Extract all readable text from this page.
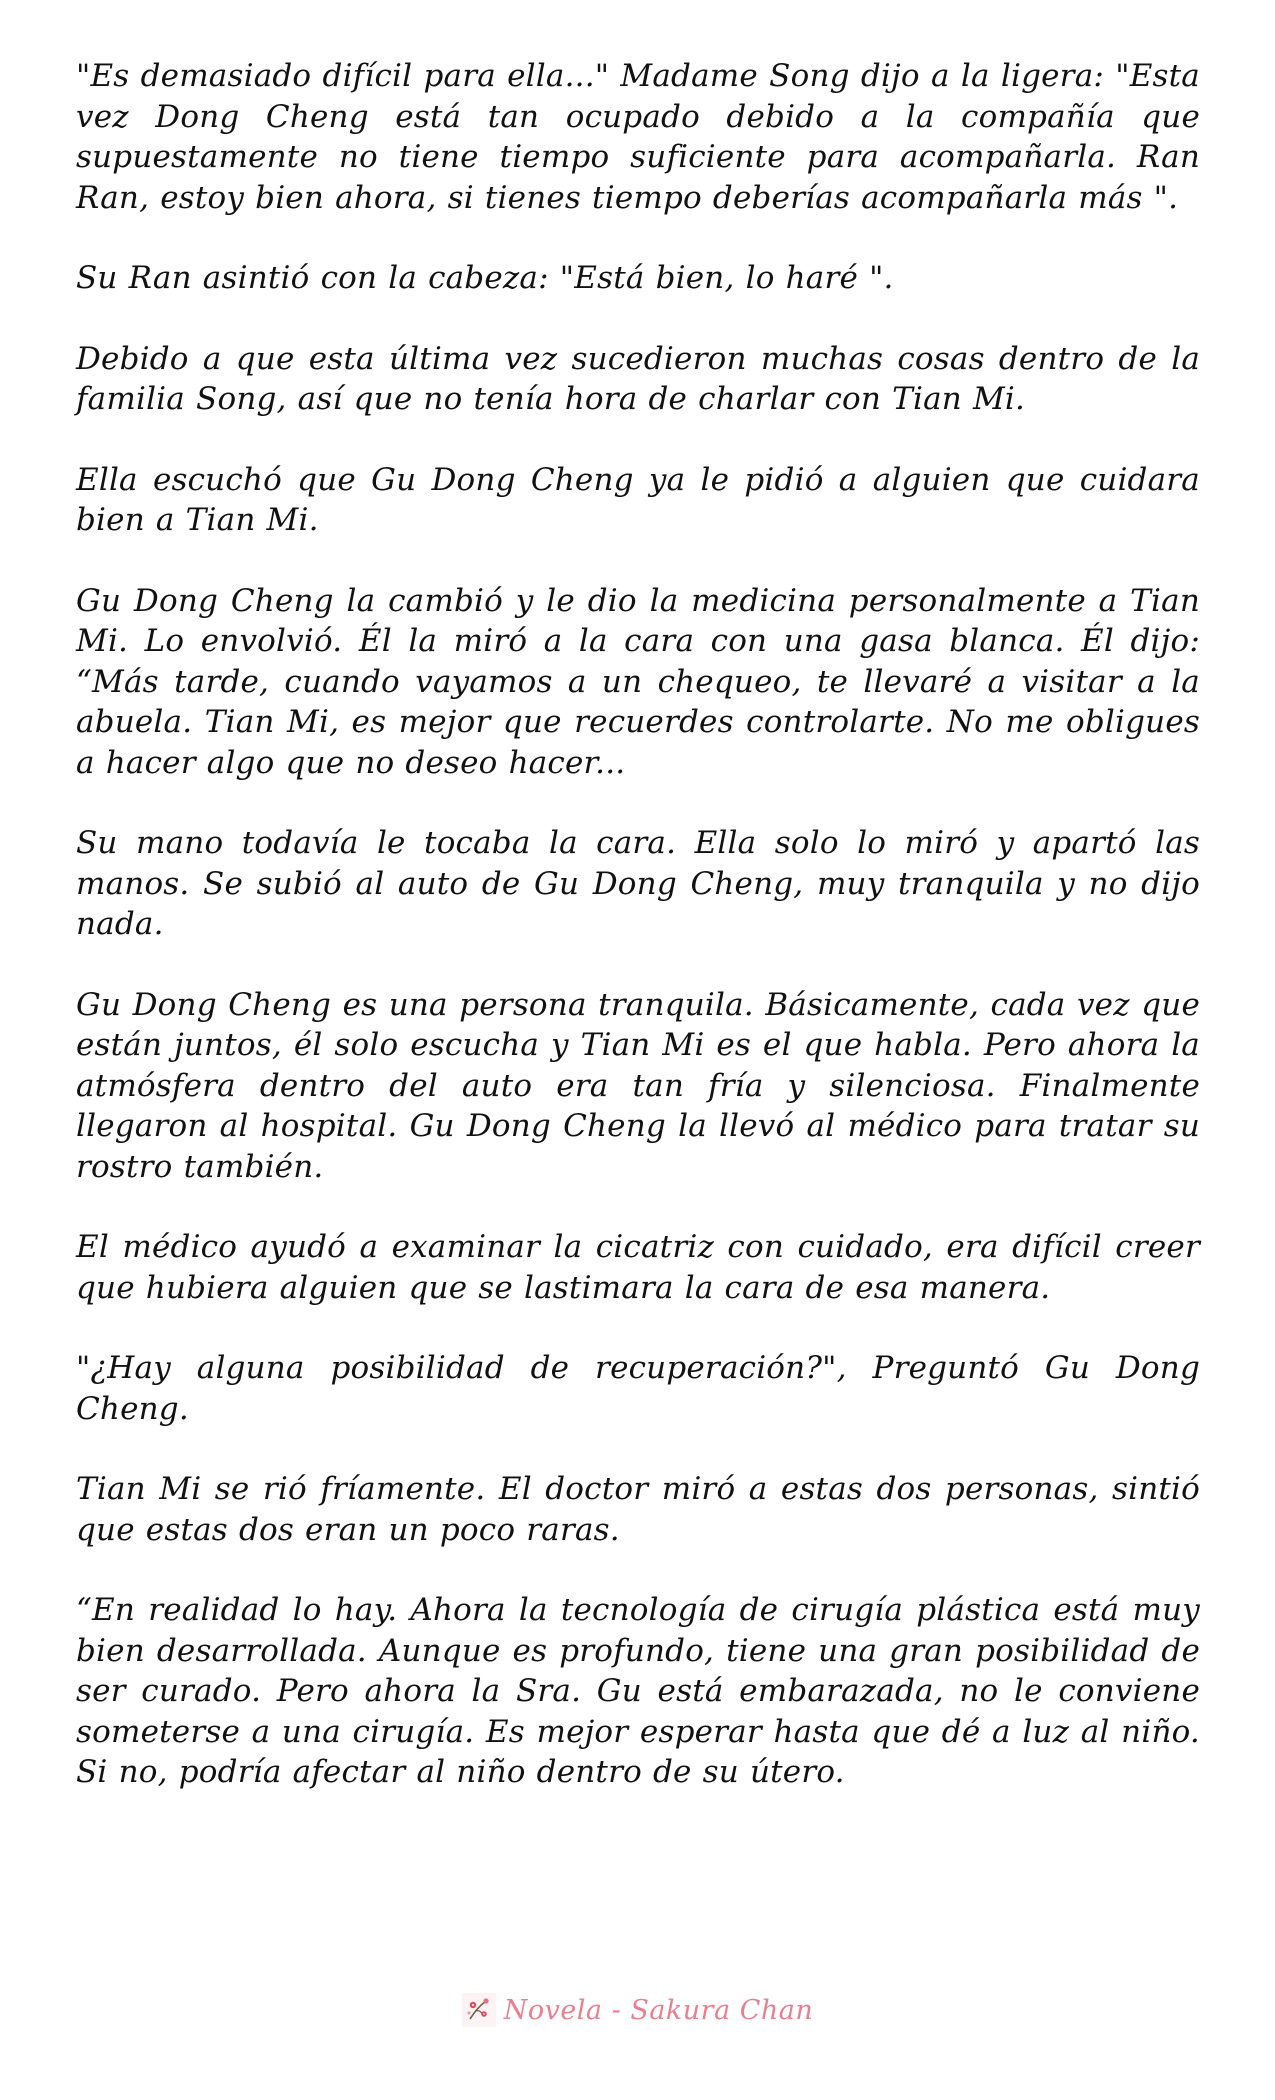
"Es demasiado difícil para ella..." Madame Song dijo a la ligera: "Esta vez Dong Cheng está tan ocupado debido a la compañía que supuestamente no tiene tiempo suficiente para acompañarla. Ran Ran, estoy bien ahora, si tienes tiempo deberías acompañarla más ".

Su Ran asintió con la cabeza: "Está bien, lo haré ".

Debido a que esta última vez sucedieron muchas cosas dentro de la familia Song, así que no tenía hora de charlar con Tian Mi.

Ella escuchó que Gu Dong Cheng ya le pidió a alguien que cuidara bien a Tian Mi.

Gu Dong Cheng la cambió y le dio la medicina personalmente a Tian Mi. Lo envolvió. Él la miró a la cara con una gasa blanca. Él dijo: “Más tarde, cuando vayamos a un chequeo, te llevaré a visitar a la abuela. Tian Mi, es mejor que recuerdes controlarte. No me obligues a hacer algo que no deseo hacer...

Su mano todavía le tocaba la cara. Ella solo lo miró y apartó las manos. Se subió al auto de Gu Dong Cheng, muy tranquila y no dijo nada.

Gu Dong Cheng es una persona tranquila. Básicamente, cada vez que están juntos, él solo escucha y Tian Mi es el que habla. Pero ahora la atmósfera dentro del auto era tan fría y silenciosa. Finalmente llegaron al hospital. Gu Dong Cheng la llevó al médico para tratar su rostro también.

El médico ayudó a examinar la cicatriz con cuidado, era difícil creer que hubiera alguien que se lastimara la cara de esa manera.

"¿Hay alguna posibilidad de recuperación?", Preguntó Gu Dong Cheng.

Tian Mi se rió fríamente. El doctor miró a estas dos personas, sintió que estas dos eran un poco raras.

“En realidad lo hay. Ahora la tecnología de cirugía plástica está muy bien desarrollada. Aunque es profundo, tiene una gran posibilidad de ser curado. Pero ahora la Sra. Gu está embarazada, no le conviene someterse a una cirugía. Es mejor esperar hasta que dé a luz al niño. Si no, podría afectar al niño dentro de su útero.

Novela - Sakura Chan
